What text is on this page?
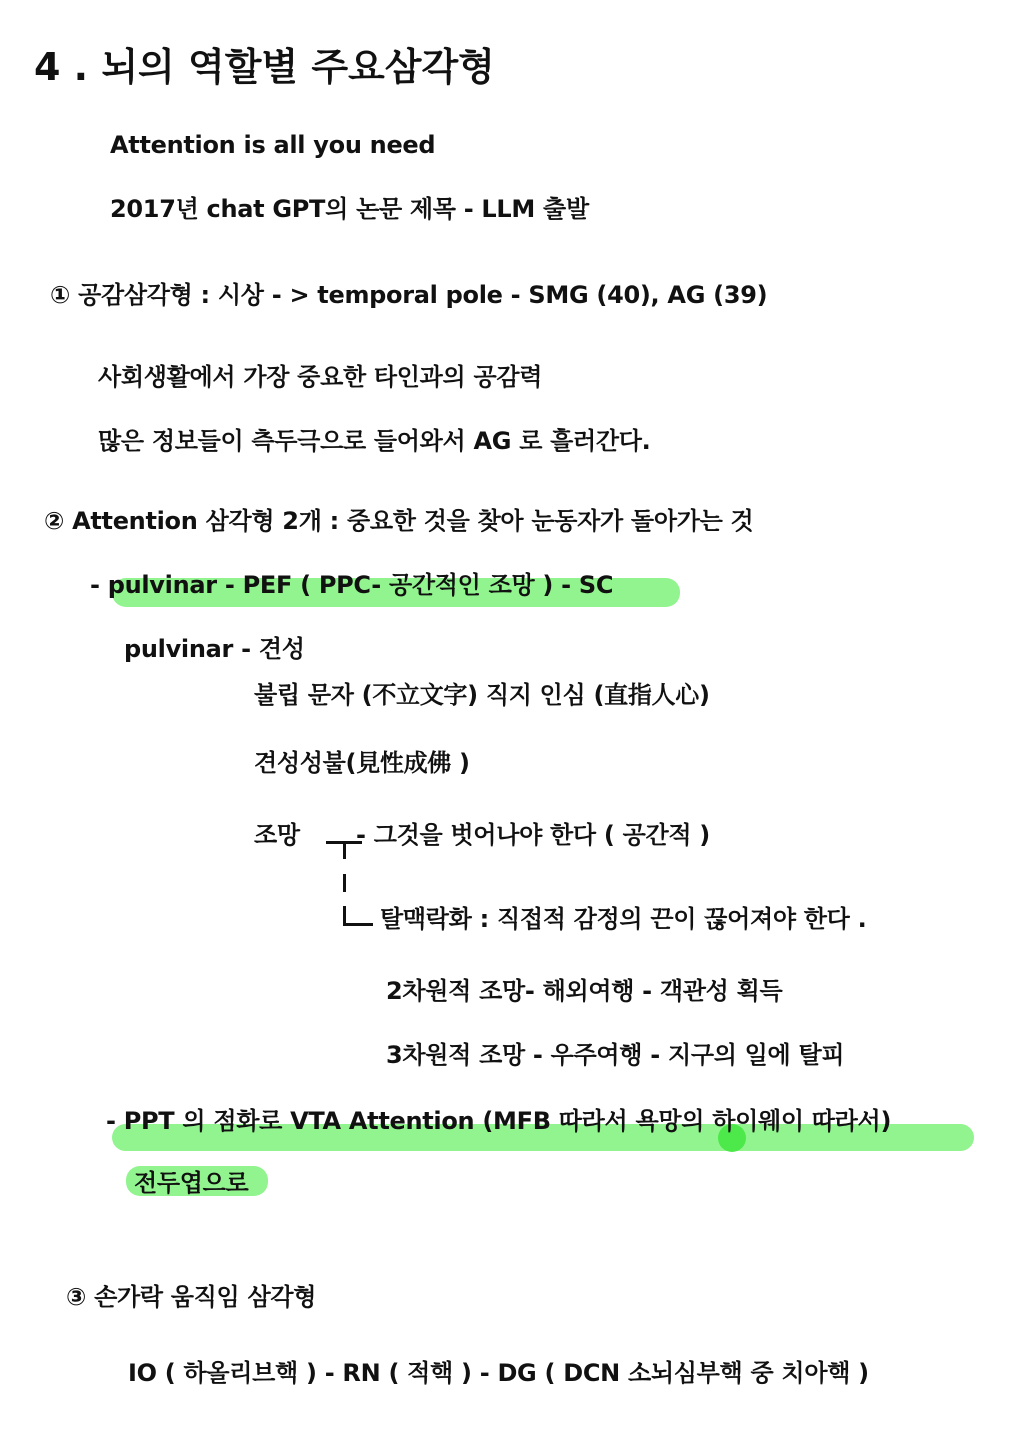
4 . 뇌의 역할별 주요삼각형
Attention is all you need
2017년 chat GPT의 논문 제목 - LLM 출발
① 공감삼각형 : 시상 - > temporal pole - SMG (40), AG (39)
사회생활에서 가장 중요한 타인과의 공감력
많은 정보들이 측두극으로 들어와서 AG 로 흘러간다.
② Attention 삼각형 2개 : 중요한 것을 찾아 눈동자가 돌아가는 것
- pulvinar - PEF ( PPC- 공간적인 조망 ) - SC
pulvinar - 견성
불립 문자 (不立文字) 직지 인심 (直指人心)
견성성불(見性成佛 )
조망 - 그것을 벗어나야 한다 ( 공간적 )
탈맥락화 : 직접적 감정의 끈이 끊어져야 한다 .
2차원적 조망- 해외여행 - 객관성 획득
3차원적 조망 - 우주여행 - 지구의 일에 탈피
- PPT 의 점화로 VTA Attention (MFB 따라서 욕망의 하이웨이 따라서)
전두엽으로
③ 손가락 움직임 삼각형
IO ( 하올리브핵 ) - RN ( 적핵 ) - DG ( DCN 소뇌심부핵 중 치아핵 )
